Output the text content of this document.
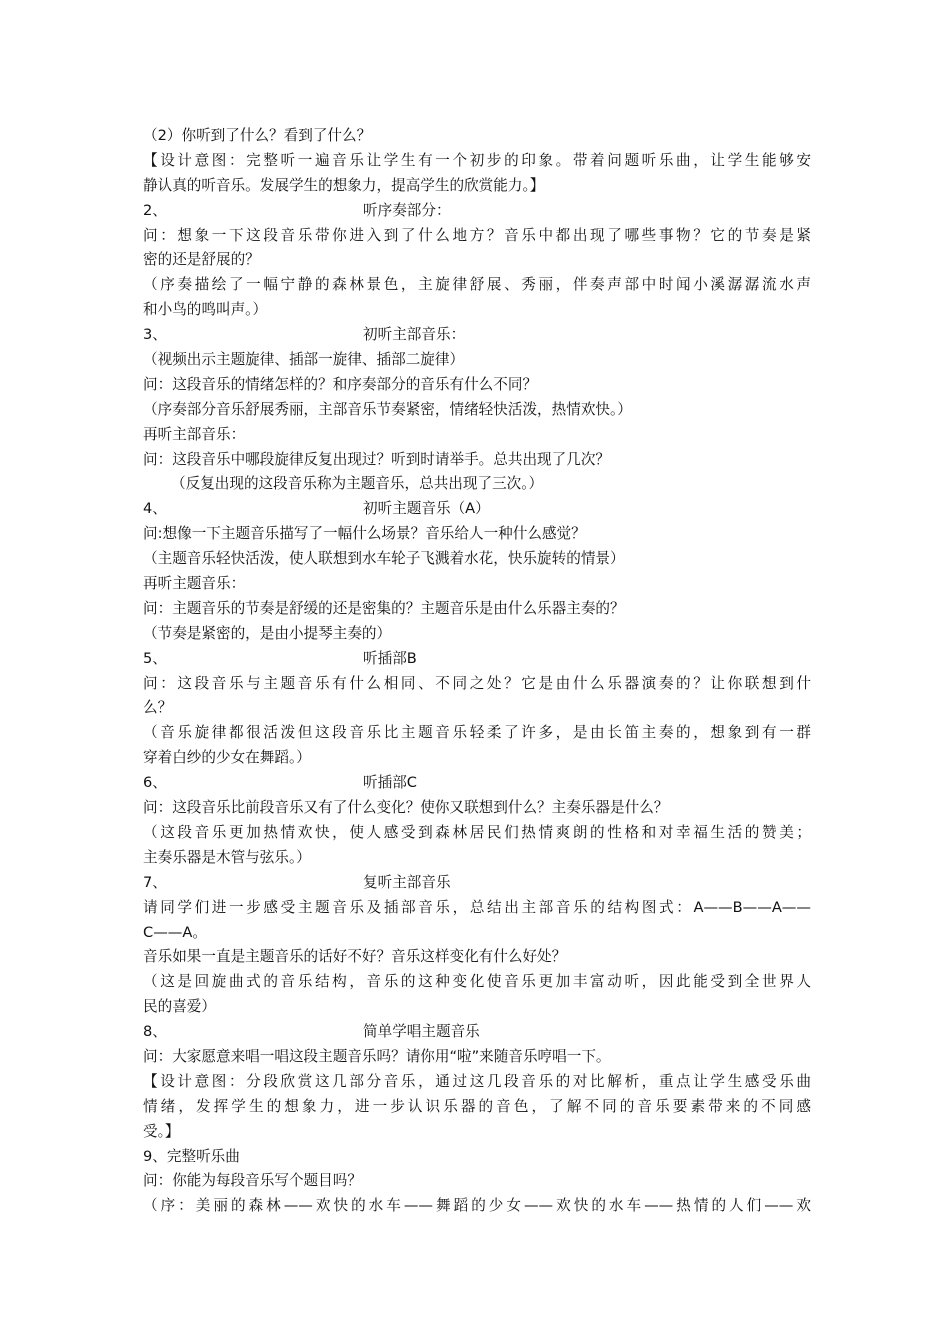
（2）你听到了什么？看到了什么？
【设计意图：完整听一遍音乐让学生有一个初步的印象。带着问题听乐曲，让学生能够安
静认真的听音乐。发展学生的想象力，提高学生的欣赏能力。】
2、	听序奏部分：
问：想象一下这段音乐带你进入到了什么地方？音乐中都出现了哪些事物？它的节奏是紧
密的还是舒展的？
（序奏描绘了一幅宁静的森林景色，主旋律舒展、秀丽，伴奏声部中时闻小溪潺潺流水声
和小鸟的鸣叫声。）
3、	初听主部音乐：
（视频出示主题旋律、插部一旋律、插部二旋律）
问：这段音乐的情绪怎样的？和序奏部分的音乐有什么不同？
（序奏部分音乐舒展秀丽，主部音乐节奏紧密，情绪轻快活泼，热情欢快。）
再听主部音乐：
问：这段音乐中哪段旋律反复出现过？听到时请举手。总共出现了几次？
（反复出现的这段音乐称为主题音乐，总共出现了三次。）
4、	初听主题音乐（A）
问:想像一下主题音乐描写了一幅什么场景？音乐给人一种什么感觉？
（主题音乐轻快活泼，使人联想到水车轮子飞溅着水花，快乐旋转的情景）
再听主题音乐：
问：主题音乐的节奏是舒缓的还是密集的？主题音乐是由什么乐器主奏的？
（节奏是紧密的，是由小提琴主奏的）
5、	听插部B
问：这段音乐与主题音乐有什么相同、不同之处？它是由什么乐器演奏的？让你联想到什
么？
（音乐旋律都很活泼但这段音乐比主题音乐轻柔了许多，是由长笛主奏的，想象到有一群
穿着白纱的少女在舞蹈。）
6、	听插部C
问：这段音乐比前段音乐又有了什么变化？使你又联想到什么？主奏乐器是什么？
（这段音乐更加热情欢快，使人感受到森林居民们热情爽朗的性格和对幸福生活的赞美；
主奏乐器是木管与弦乐。）
7、	复听主部音乐
请同学们进一步感受主题音乐及插部音乐，总结出主部音乐的结构图式：A——B——A——
C——A。
音乐如果一直是主题音乐的话好不好？音乐这样变化有什么好处？
（这是回旋曲式的音乐结构，音乐的这种变化使音乐更加丰富动听，因此能受到全世界人
民的喜爱）
8、	简单学唱主题音乐
问：大家愿意来唱一唱这段主题音乐吗？请你用“啦”来随音乐哼唱一下。
【设计意图：分段欣赏这几部分音乐，通过这几段音乐的对比解析，重点让学生感受乐曲
情绪，发挥学生的想象力，进一步认识乐器的音色，了解不同的音乐要素带来的不同感
受。】
9、完整听乐曲
问：你能为每段音乐写个题目吗？
（序：美丽的森林——欢快的水车——舞蹈的少女——欢快的水车——热情的人们——欢
